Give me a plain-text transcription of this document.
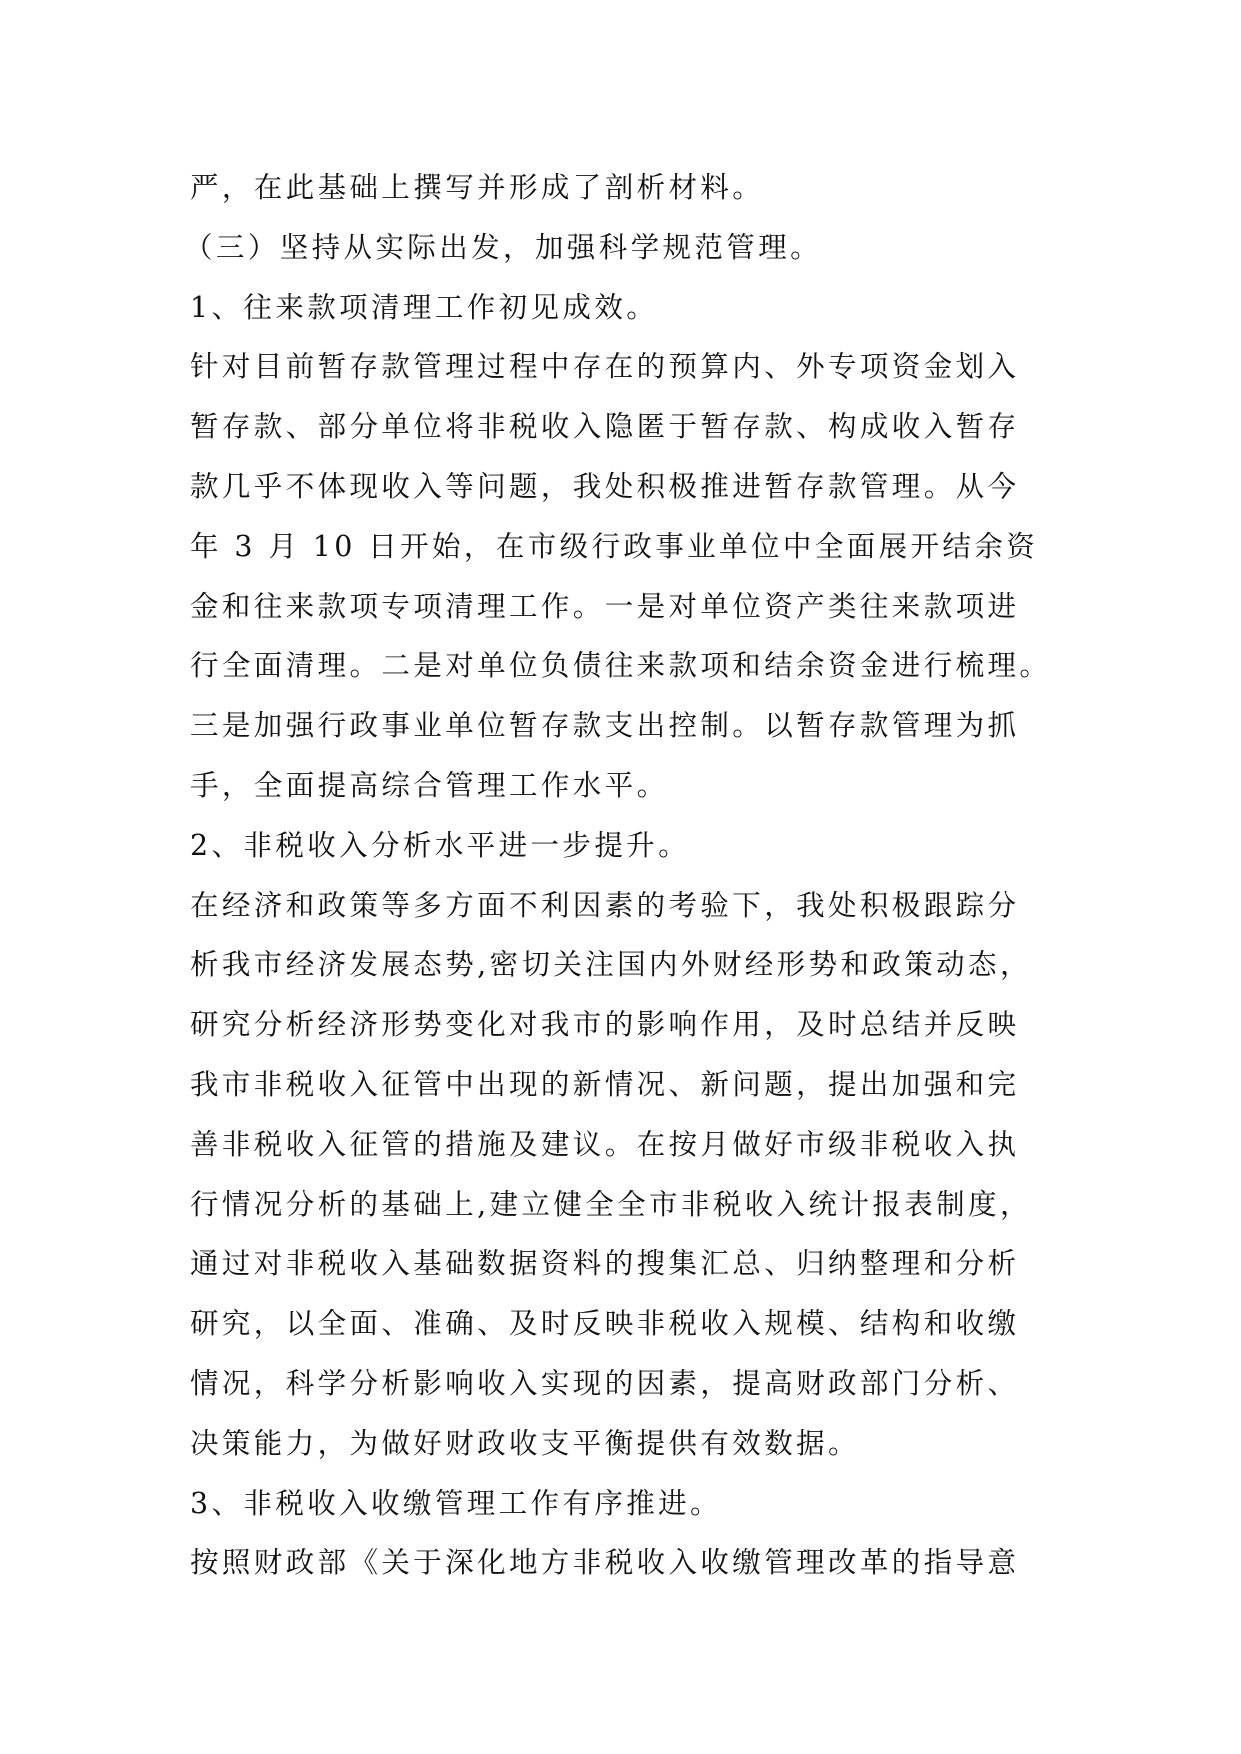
严，在此基础上撰写并形成了剖析材料。
（三）坚持从实际出发，加强科学规范管理。
1、往来款项清理工作初见成效。
针对目前暂存款管理过程中存在的预算内、外专项资金划入
暂存款、部分单位将非税收入隐匿于暂存款、构成收入暂存
款几乎不体现收入等问题，我处积极推进暂存款管理。从今
年 3 月 10 日开始，在市级行政事业单位中全面展开结余资
金和往来款项专项清理工作。一是对单位资产类往来款项进
行全面清理。二是对单位负债往来款项和结余资金进行梳理。
三是加强行政事业单位暂存款支出控制。以暂存款管理为抓
手，全面提高综合管理工作水平。
2、非税收入分析水平进一步提升。
在经济和政策等多方面不利因素的考验下，我处积极跟踪分
析我市经济发展态势,密切关注国内外财经形势和政策动态，
研究分析经济形势变化对我市的影响作用，及时总结并反映
我市非税收入征管中出现的新情况、新问题，提出加强和完
善非税收入征管的措施及建议。在按月做好市级非税收入执
行情况分析的基础上,建立健全全市非税收入统计报表制度，
通过对非税收入基础数据资料的搜集汇总、归纳整理和分析
研究，以全面、准确、及时反映非税收入规模、结构和收缴
情况，科学分析影响收入实现的因素，提高财政部门分析、
决策能力，为做好财政收支平衡提供有效数据。
3、非税收入收缴管理工作有序推进。
按照财政部《关于深化地方非税收入收缴管理改革的指导意
